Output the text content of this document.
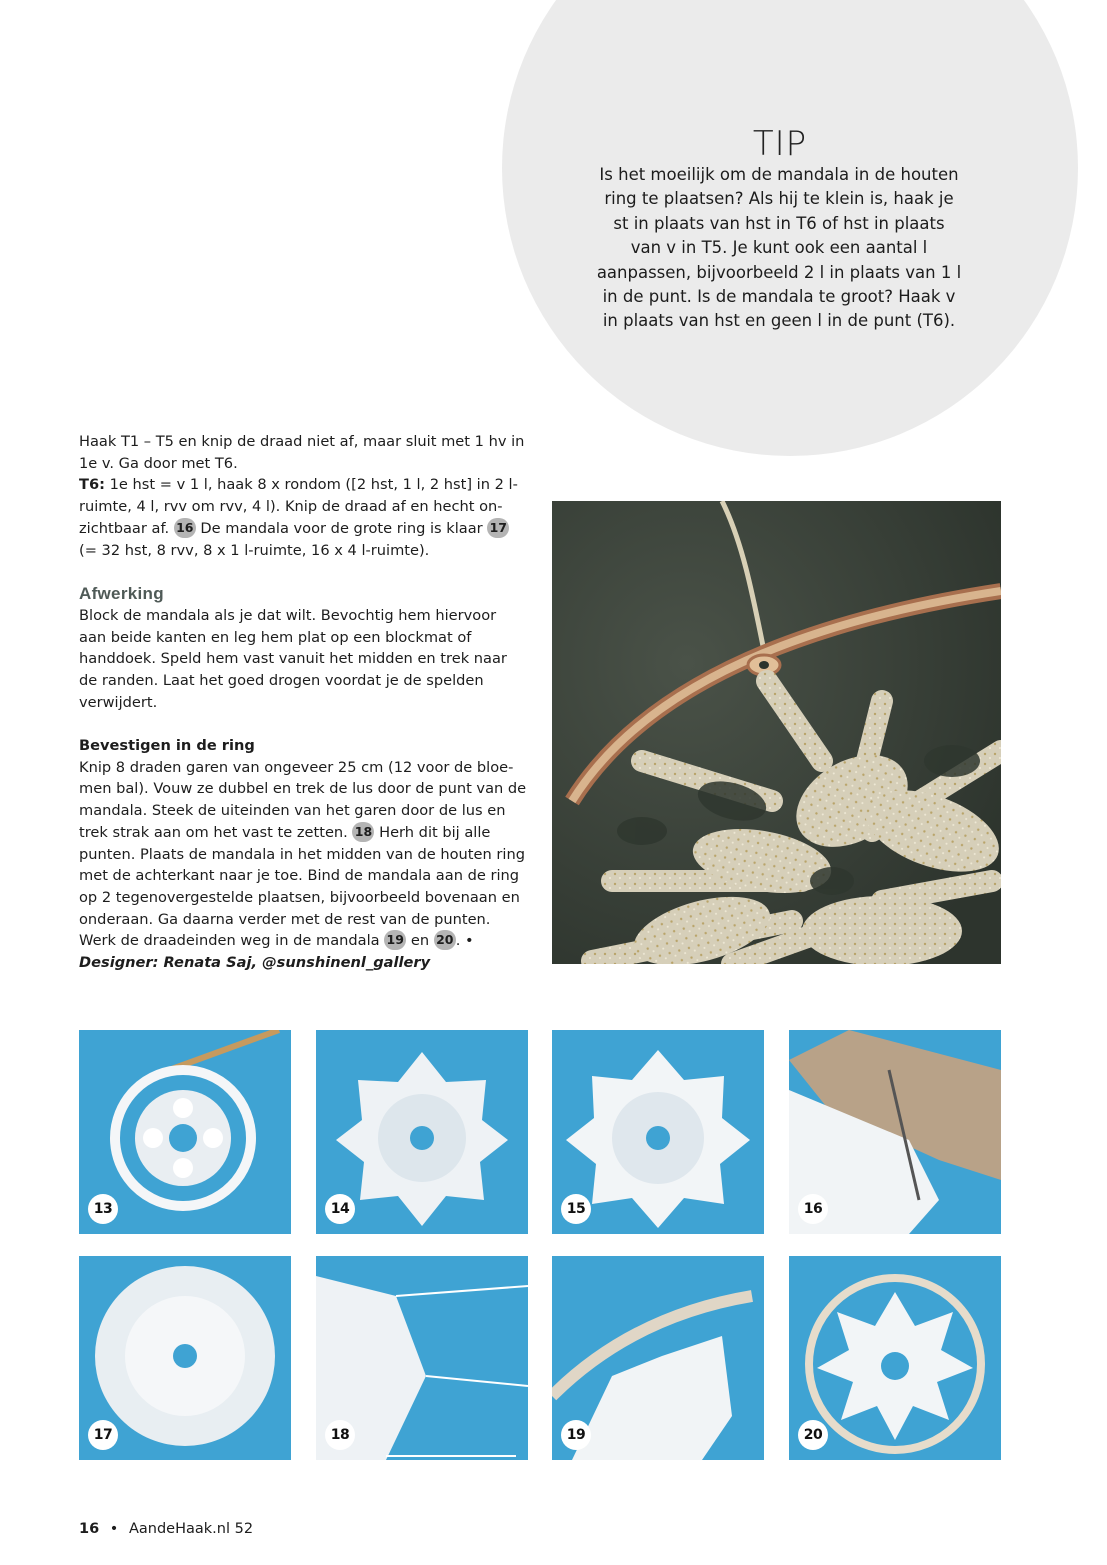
TIP
Is het moeilijk om de mandala in de houten ring te plaatsen? Als hij te klein is, haak je st in plaats van hst in T6 of hst in plaats van v in T5. Je kunt ook een aantal l aanpassen, bijvoorbeeld 2 l in plaats van 1 l in de punt. Is de mandala te groot? Haak v in plaats van hst en geen l in de punt (T6).
Haak T1 – T5 en knip de draad niet af, maar sluit met 1 hv in 1e v. Ga door met T6.
T6: 1e hst = v 1 l, haak 8 x rondom ([2 hst, 1 l, 2 hst] in 2 l-ruimte, 4 l, rvv om rvv, 4 l). Knip de draad af en hecht onzichtbaar af. 16 De mandala voor de grote ring is klaar 17 (= 32 hst, 8 rvv, 8 x 1 l-ruimte, 16 x 4 l-ruimte).
Afwerking
Block de mandala als je dat wilt. Bevochtig hem hiervoor aan beide kanten en leg hem plat op een blockmat of handdoek. Speld hem vast vanuit het midden en trek naar de randen. Laat het goed drogen voordat je de spelden verwijdert.
Bevestigen in de ring
Knip 8 draden garen van ongeveer 25 cm (12 voor de bloemen bal). Vouw ze dubbel en trek de lus door de punt van de mandala. Steek de uiteinden van het garen door de lus en trek strak aan om het vast te zetten. 18 Herh dit bij alle punten. Plaats de mandala in het midden van de houten ring met de achterkant naar je toe. Bind de mandala aan de ring op 2 tegenovergestelde plaatsen, bijvoorbeeld bovenaan en onderaan. Ga daarna verder met de rest van de punten. Werk de draadeinden weg in de mandala 19 en 20 . •
Designer: Renata Saj, @sunshinenl_gallery
13	14	15	16
17	18	19	20
16 • AandeHaak.nl 52
